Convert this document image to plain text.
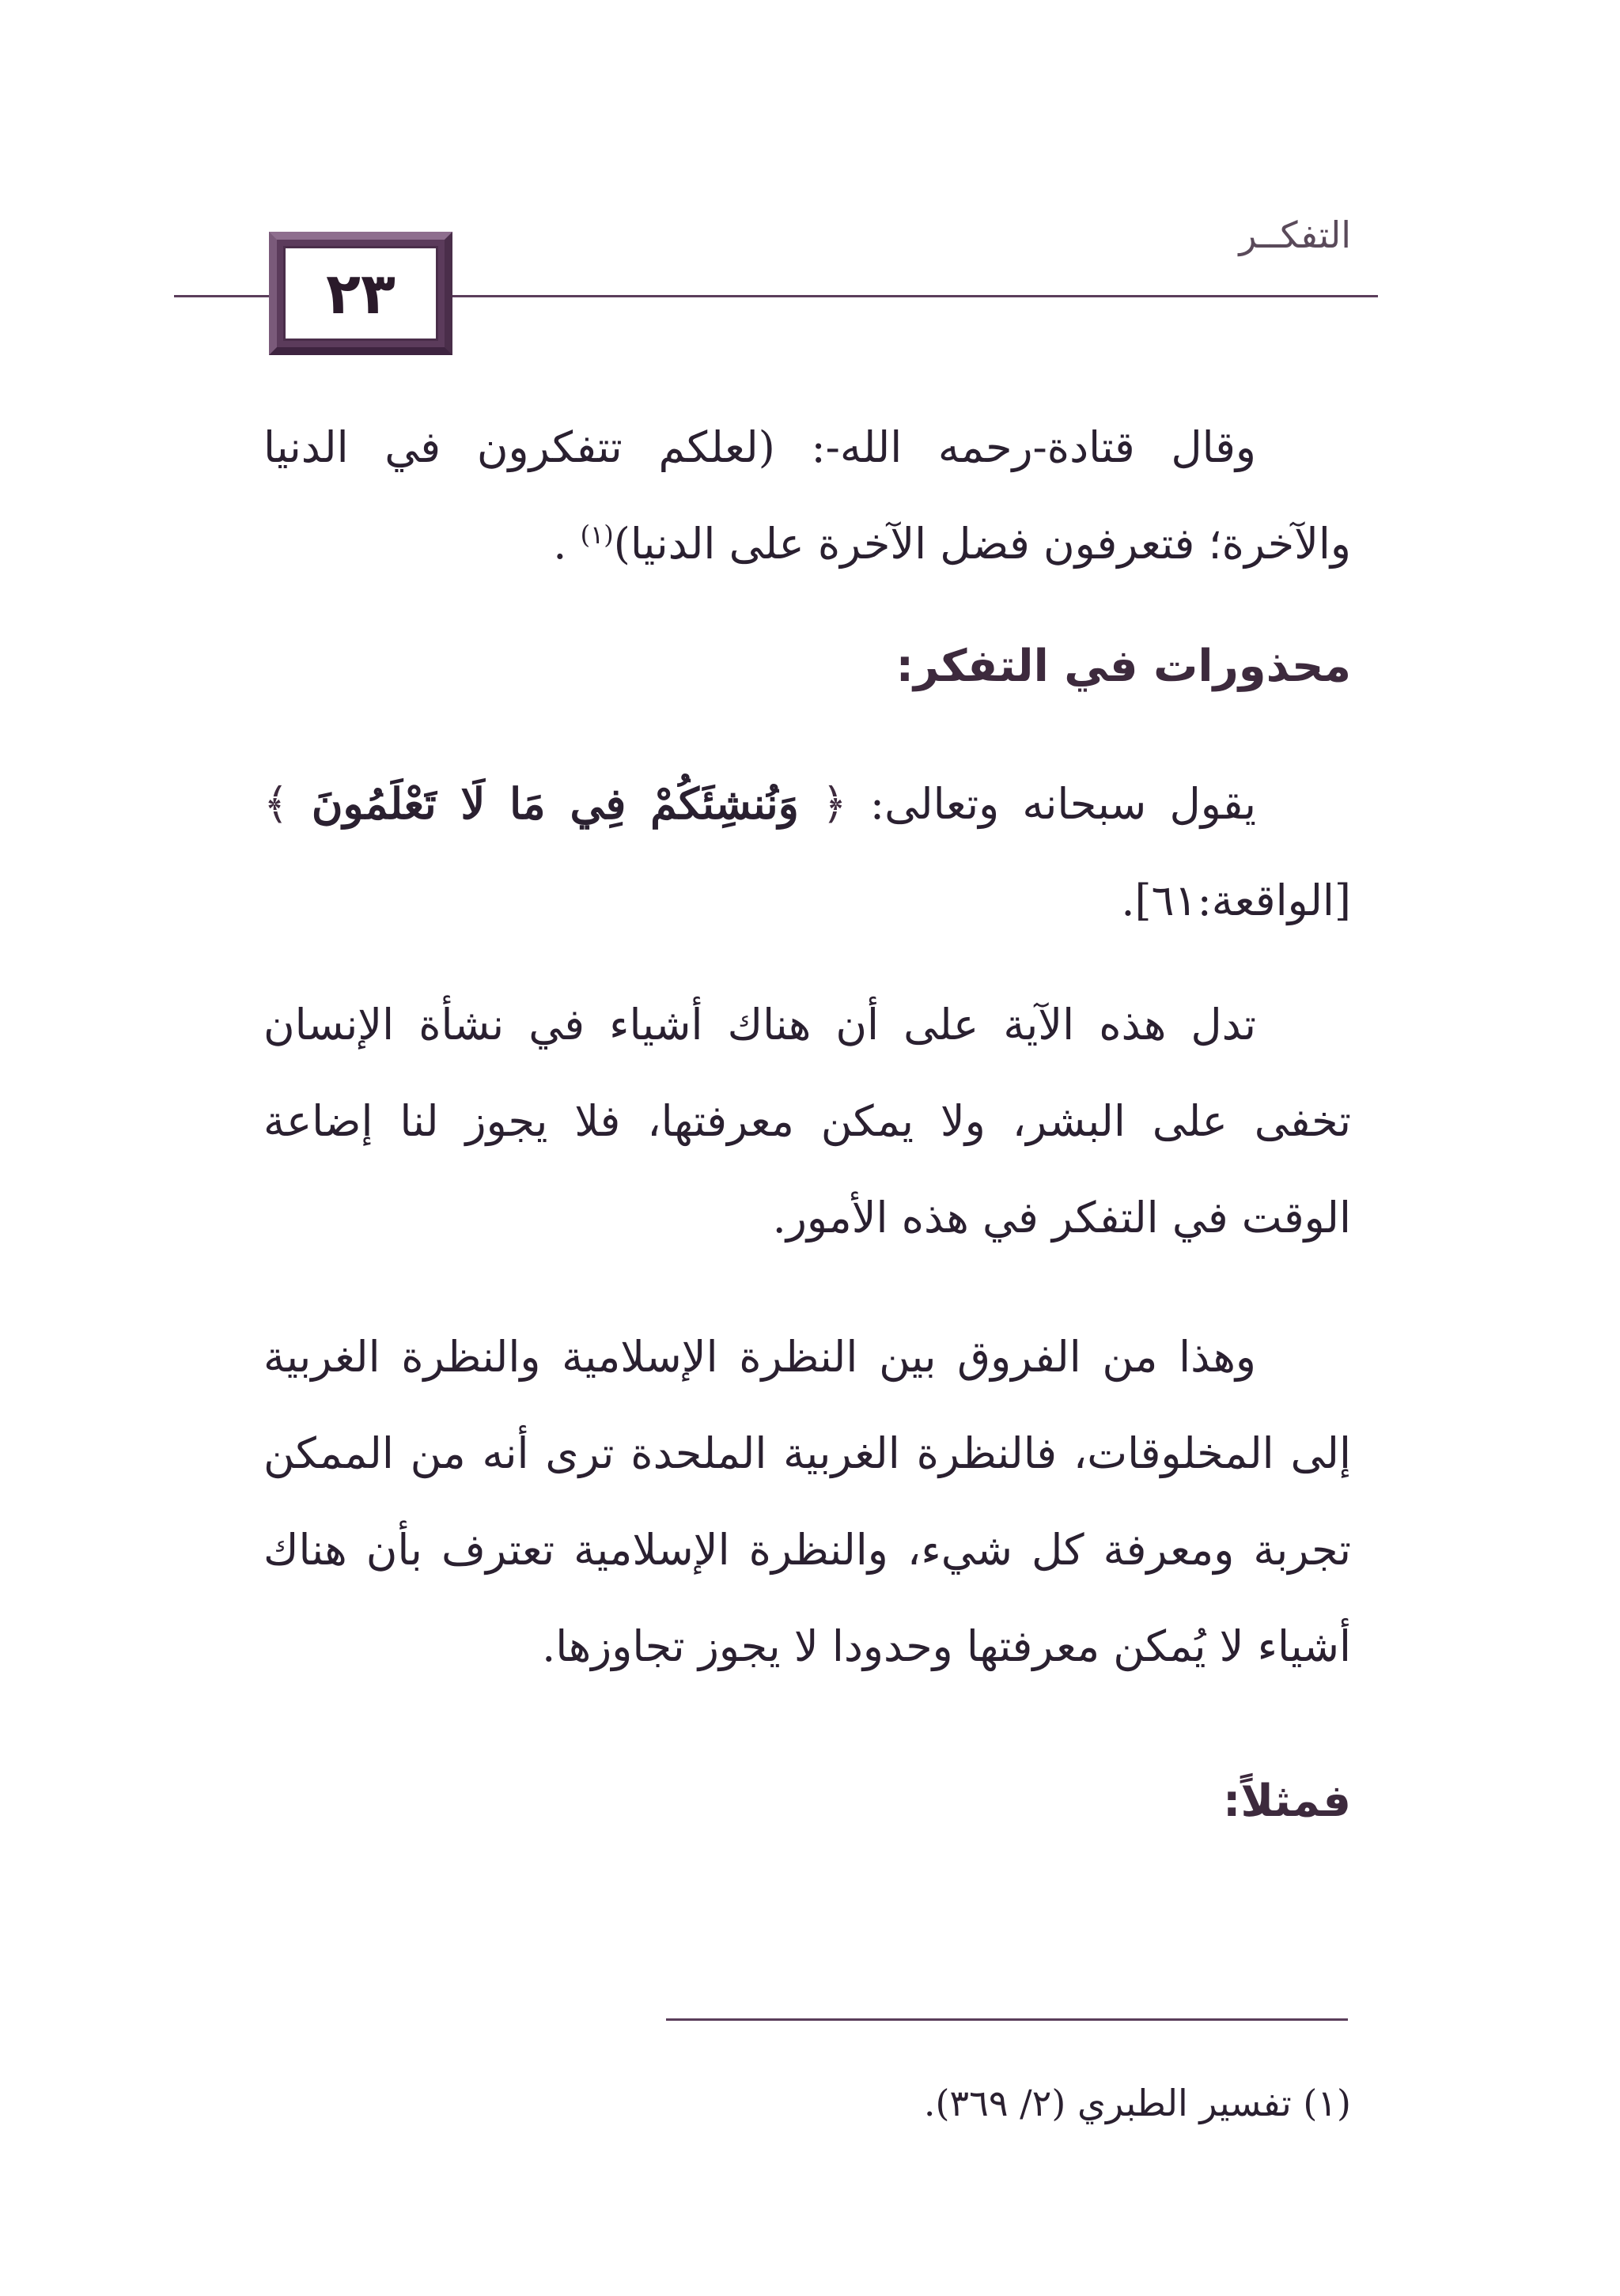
التفكــر
٢٣
وقال قتادة-رحمه الله-: (لعلكم تتفكرون في الدنيا
والآخرة؛ فتعرفون فضل الآخرة على الدنيا)$^{(١)}$ .
محذورات في التفكر:
يقول سبحانه وتعالى: ﴿ وَنُنشِئَكُمْ فِي مَا لَا تَعْلَمُونَ ﴾
[الواقعة:٦١].
تدل هذه الآية على أن هناك أشياء في نشأة الإنسان تخفى على البشر، ولا يمكن معرفتها، فلا يجوز لنا إضاعة الوقت في التفكر في هذه الأمور.
وهذا من الفروق بين النظرة الإسلامية والنظرة الغربية إلى المخلوقات، فالنظرة الغربية الملحدة ترى أنه من الممكن تجربة ومعرفة كل شيء، والنظرة الإسلامية تعترف بأن هناك أشياء لا يُمكن معرفتها وحدودا لا يجوز تجاوزها.
فمثلاً:
(١) تفسير الطبري (٢/ ٣٦٩).
